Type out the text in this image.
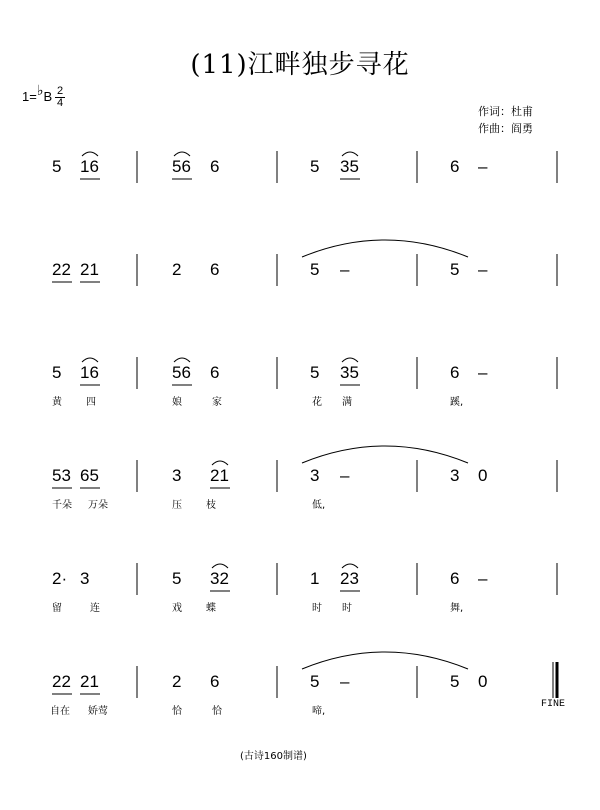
(11)江畔独步寻花
1=♭B 2
4
作词：杜甫
作曲：阎勇
5 16	56 6	5 35	6 –
22 21	2 6	5 –	5 –
5 16	56 6	5 35	6 –
黄 四	娘	家	花 满	蹊,
53 65	3 21	3 –	3 0
千朵 万朵	压 枝	低,
2· 3	5 32	1 23	6 –
留	连	戏 蝶	时 时	舞,
22 21	2 6	5 –	5 0
自在 娇莺	恰	恰	啼,
FINE
(古诗160制谱)
